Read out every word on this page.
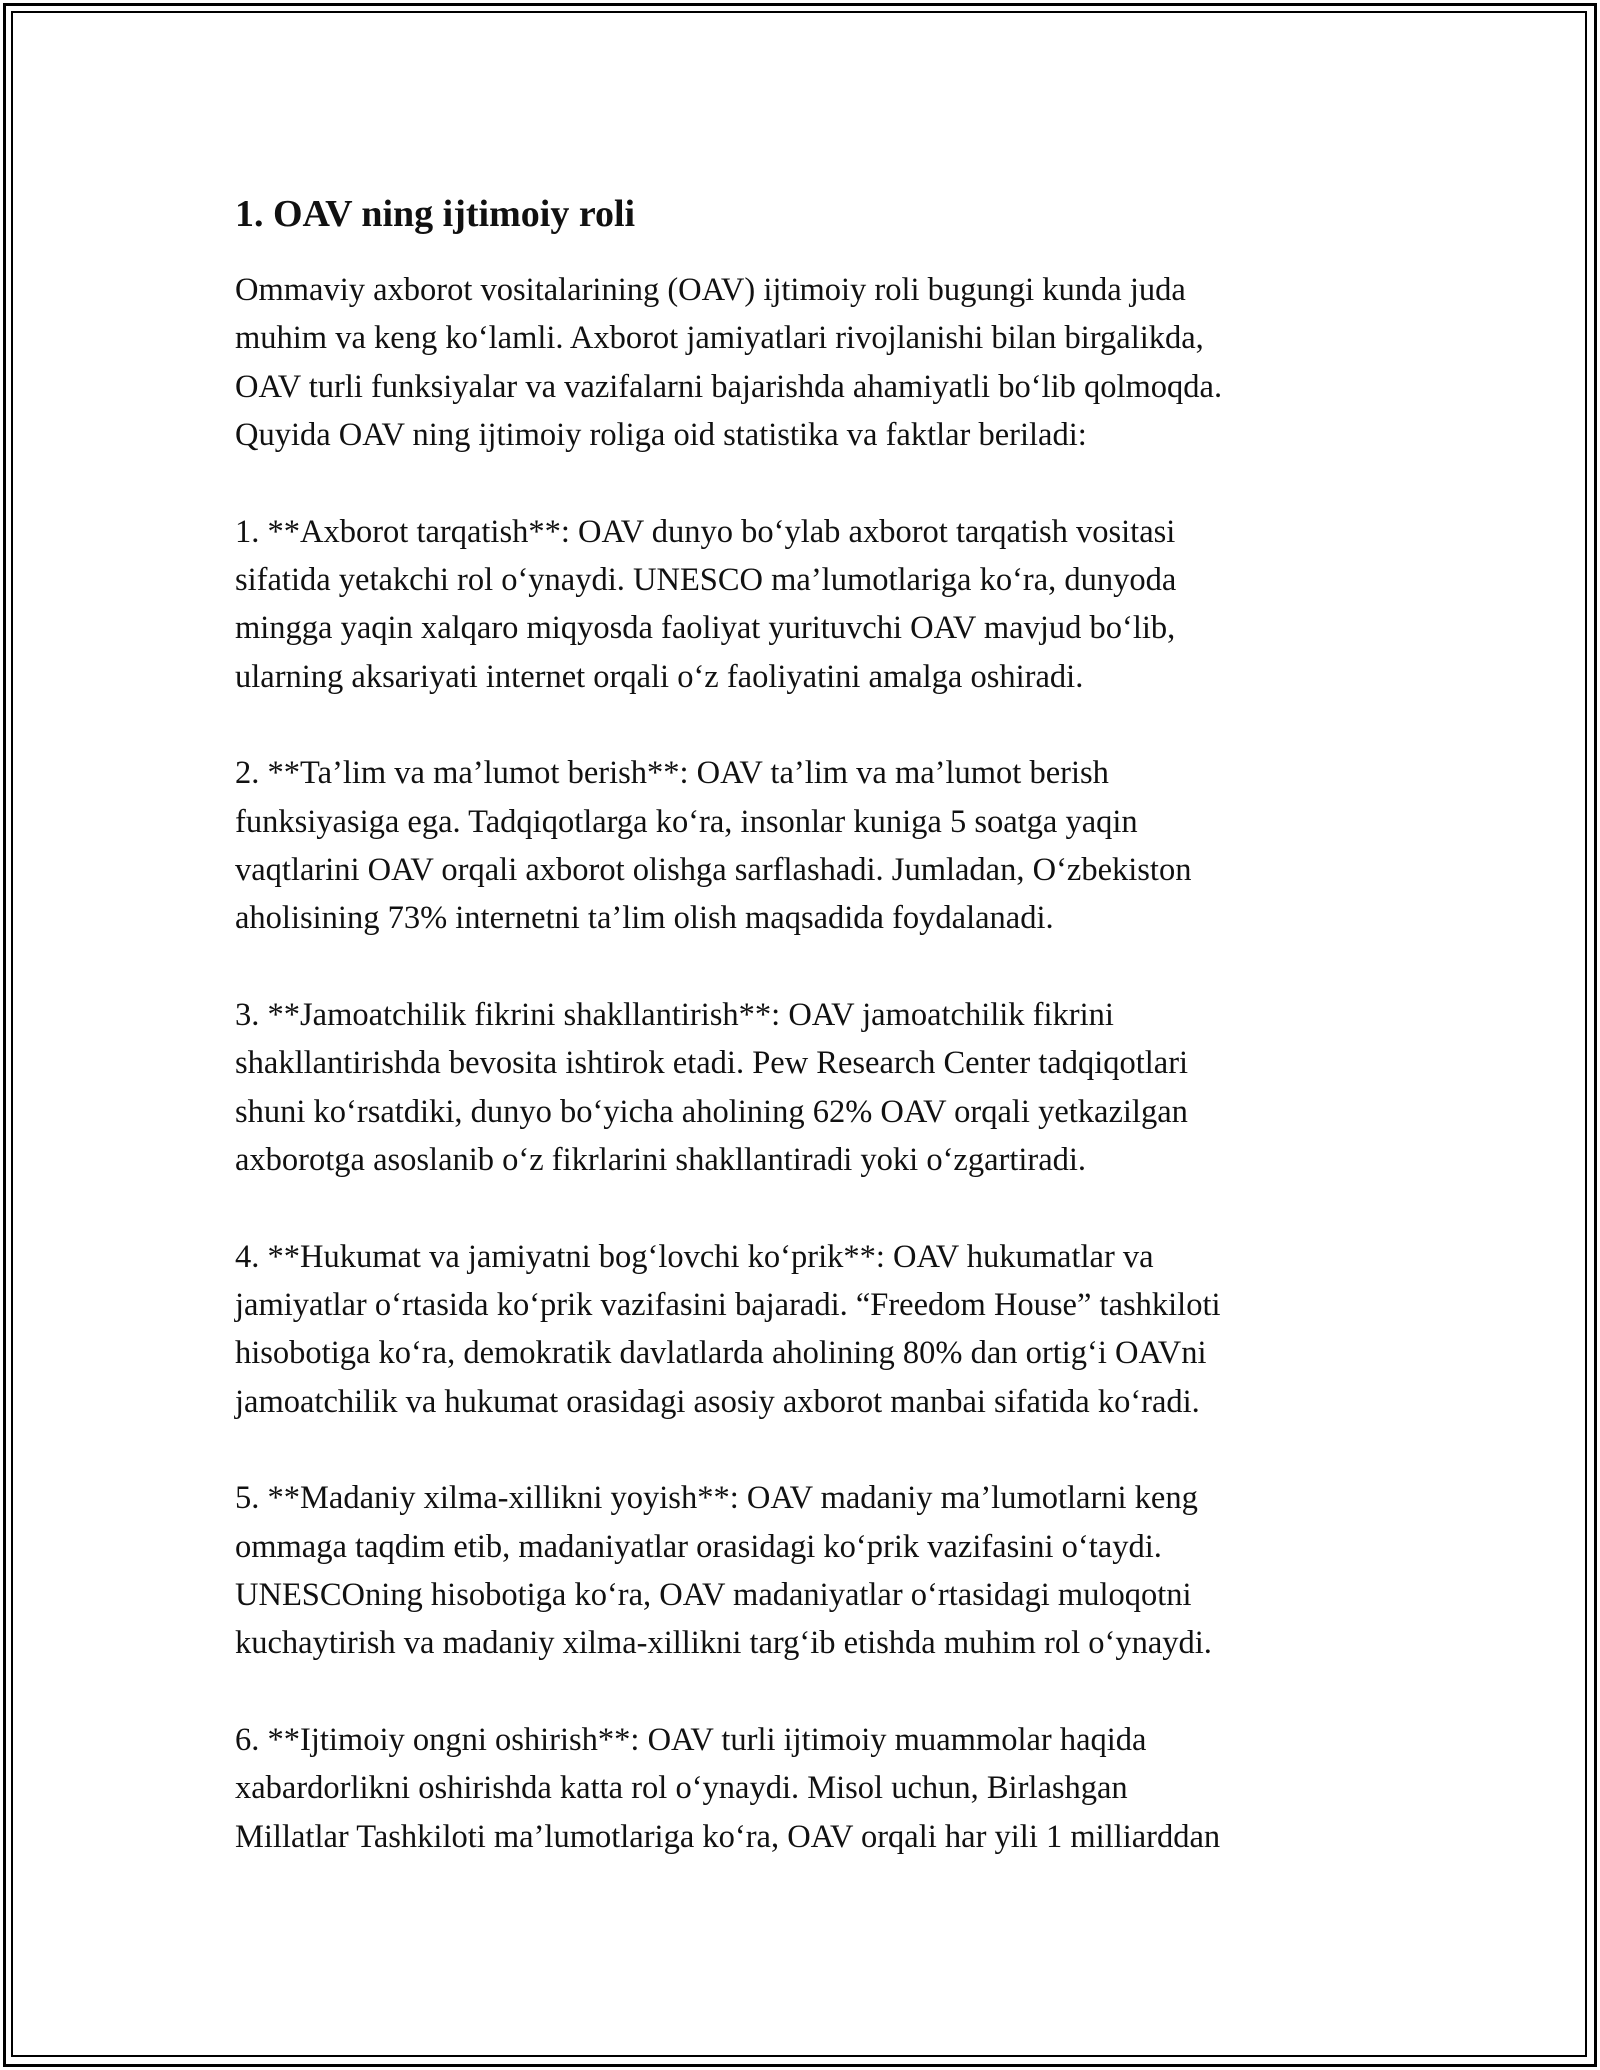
1. OAV ning ijtimoiy roli

Ommaviy axborot vositalarining (OAV) ijtimoiy roli bugungi kunda juda
muhim va keng ko‘lamli. Axborot jamiyatlari rivojlanishi bilan birgalikda,
OAV turli funksiyalar va vazifalarni bajarishda ahamiyatli bo‘lib qolmoqda.
Quyida OAV ning ijtimoiy roliga oid statistika va faktlar beriladi:

1. **Axborot tarqatish**: OAV dunyo bo‘ylab axborot tarqatish vositasi
sifatida yetakchi rol o‘ynaydi. UNESCO ma’lumotlariga ko‘ra, dunyoda
mingga yaqin xalqaro miqyosda faoliyat yurituvchi OAV mavjud bo‘lib,
ularning aksariyati internet orqali o‘z faoliyatini amalga oshiradi.

2. **Ta’lim va ma’lumot berish**: OAV ta’lim va ma’lumot berish
funksiyasiga ega. Tadqiqotlarga ko‘ra, insonlar kuniga 5 soatga yaqin
vaqtlarini OAV orqali axborot olishga sarflashadi. Jumladan, O‘zbekiston
aholisining 73% internetni ta’lim olish maqsadida foydalanadi.

3. **Jamoatchilik fikrini shakllantirish**: OAV jamoatchilik fikrini
shakllantirishda bevosita ishtirok etadi. Pew Research Center tadqiqotlari
shuni ko‘rsatdiki, dunyo bo‘yicha aholining 62% OAV orqali yetkazilgan
axborotga asoslanib o‘z fikrlarini shakllantiradi yoki o‘zgartiradi.

4. **Hukumat va jamiyatni bog‘lovchi ko‘prik**: OAV hukumatlar va
jamiyatlar o‘rtasida ko‘prik vazifasini bajaradi. “Freedom House” tashkiloti
hisobotiga ko‘ra, demokratik davlatlarda aholining 80% dan ortig‘i OAVni
jamoatchilik va hukumat orasidagi asosiy axborot manbai sifatida ko‘radi.

5. **Madaniy xilma-xillikni yoyish**: OAV madaniy ma’lumotlarni keng
ommaga taqdim etib, madaniyatlar orasidagi ko‘prik vazifasini o‘taydi.
UNESCOning hisobotiga ko‘ra, OAV madaniyatlar o‘rtasidagi muloqotni
kuchaytirish va madaniy xilma-xillikni targ‘ib etishda muhim rol o‘ynaydi.

6. **Ijtimoiy ongni oshirish**: OAV turli ijtimoiy muammolar haqida
xabardorlikni oshirishda katta rol o‘ynaydi. Misol uchun, Birlashgan
Millatlar Tashkiloti ma’lumotlariga ko‘ra, OAV orqali har yili 1 milliarddan
